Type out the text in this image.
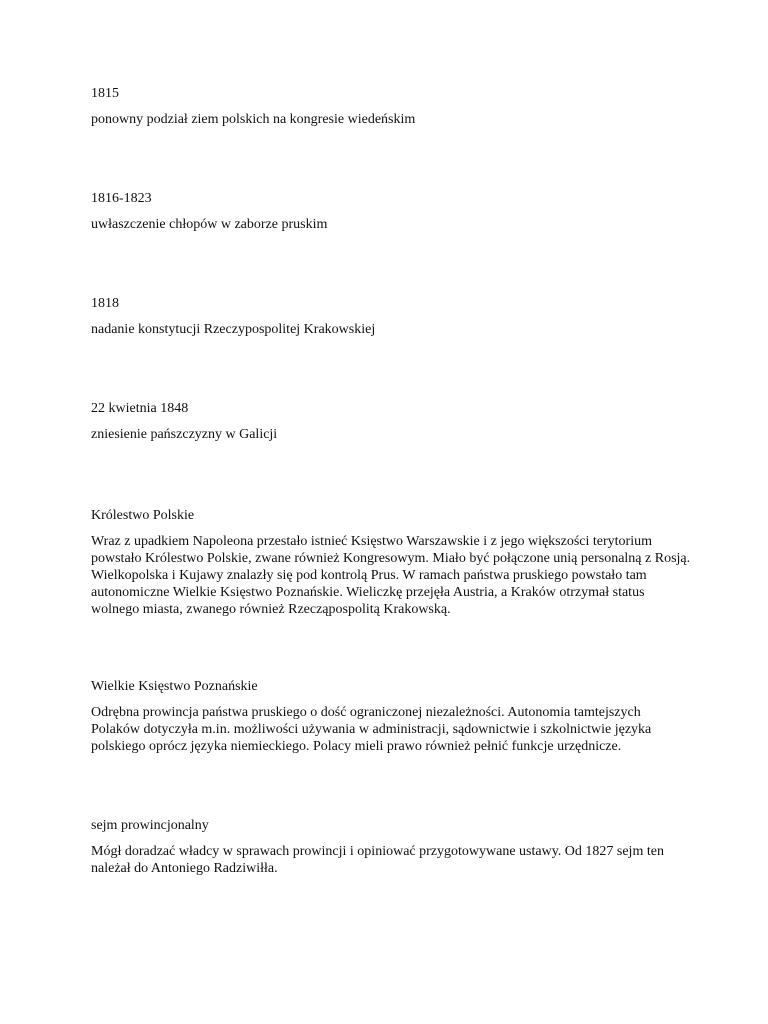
1815

ponowny podział ziem polskich na kongresie wiedeńskim

1816-1823

uwłaszczenie chłopów w zaborze pruskim

1818

nadanie konstytucji Rzeczypospolitej Krakowskiej

22 kwietnia 1848

zniesienie pańszczyzny w Galicji

Królestwo Polskie

Wraz z upadkiem Napoleona przestało istnieć Księstwo Warszawskie i z jego większości terytorium powstało Królestwo Polskie, zwane również Kongresowym. Miało być połączone unią personalną z Rosją. Wielkopolska i Kujawy znalazły się pod kontrolą Prus. W ramach państwa pruskiego powstało tam autonomiczne Wielkie Księstwo Poznańskie. Wieliczkę przejęła Austria, a Kraków otrzymał status wolnego miasta, zwanego również Rzecząpospolitą Krakowską.

Wielkie Księstwo Poznańskie

Odrębna prowincja państwa pruskiego o dość ograniczonej niezależności. Autonomia tamtejszych Polaków dotyczyła m.in. możliwości używania w administracji, sądownictwie i szkolnictwie języka polskiego oprócz języka niemieckiego. Polacy mieli prawo również pełnić funkcje urzędnicze.

sejm prowincjonalny

Mógł doradzać władcy w sprawach prowincji i opiniować przygotowywane ustawy. Od 1827 sejm ten należał do Antoniego Radziwiłła.
